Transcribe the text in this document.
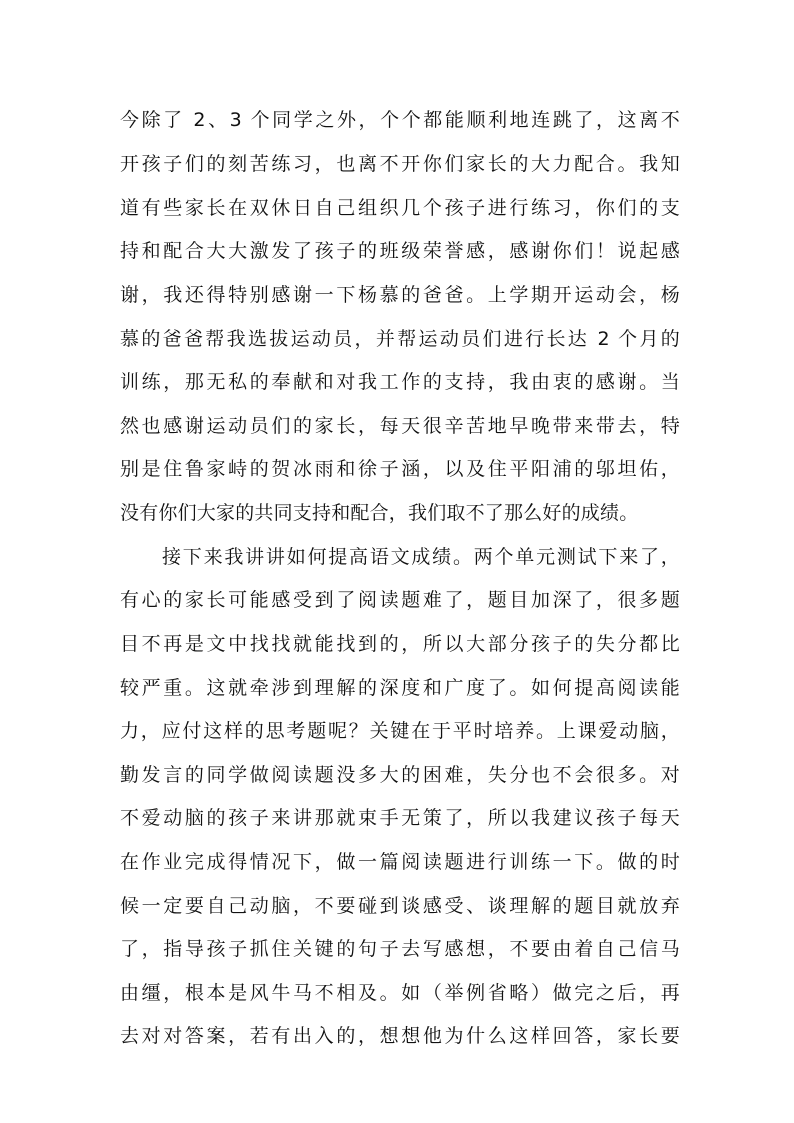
今除了 2、3 个同学之外，个个都能顺利地连跳了，这离不
开孩子们的刻苦练习，也离不开你们家长的大力配合。我知
道有些家长在双休日自己组织几个孩子进行练习，你们的支
持和配合大大激发了孩子的班级荣誉感，感谢你们！说起感
谢，我还得特别感谢一下杨慕的爸爸。上学期开运动会，杨
慕的爸爸帮我选拔运动员，并帮运动员们进行长达 2 个月的
训练，那无私的奉献和对我工作的支持，我由衷的感谢。当
然也感谢运动员们的家长，每天很辛苦地早晚带来带去，特
别是住鲁家峙的贺冰雨和徐子涵，以及住平阳浦的邬坦佑，
没有你们大家的共同支持和配合，我们取不了那么好的成绩。
接下来我讲讲如何提高语文成绩。两个单元测试下来了，
有心的家长可能感受到了阅读题难了，题目加深了，很多题
目不再是文中找找就能找到的，所以大部分孩子的失分都比
较严重。这就牵涉到理解的深度和广度了。如何提高阅读能
力，应付这样的思考题呢？关键在于平时培养。上课爱动脑，
勤发言的同学做阅读题没多大的困难，失分也不会很多。对
不爱动脑的孩子来讲那就束手无策了，所以我建议孩子每天
在作业完成得情况下，做一篇阅读题进行训练一下。做的时
候一定要自己动脑，不要碰到谈感受、谈理解的题目就放弃
了，指导孩子抓住关键的句子去写感想，不要由着自己信马
由缰，根本是风牛马不相及。如（举例省略）做完之后，再
去对对答案，若有出入的，想想他为什么这样回答，家长要
